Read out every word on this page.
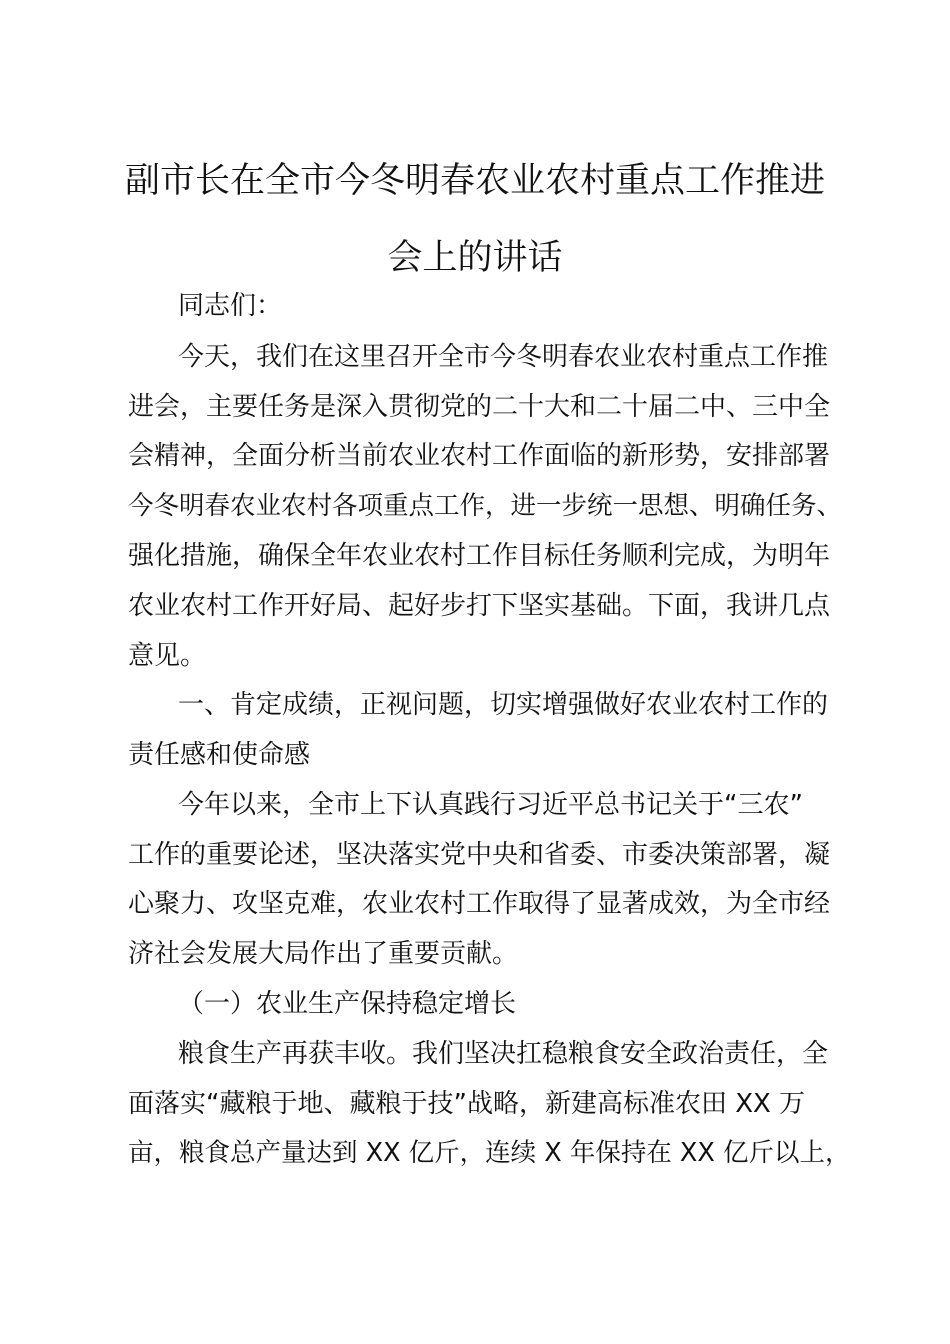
副市长在全市今冬明春农业农村重点工作推进
会上的讲话
同志们：
今天，我们在这里召开全市今冬明春农业农村重点工作推
进会，主要任务是深入贯彻党的二十大和二十届二中、三中全
会精神，全面分析当前农业农村工作面临的新形势，安排部署
今冬明春农业农村各项重点工作，进一步统一思想、明确任务、
强化措施，确保全年农业农村工作目标任务顺利完成，为明年
农业农村工作开好局、起好步打下坚实基础。下面，我讲几点
意见。
一、肯定成绩，正视问题，切实增强做好农业农村工作的
责任感和使命感
今年以来，全市上下认真践行习近平总书记关于“三农”
工作的重要论述，坚决落实党中央和省委、市委决策部署，凝
心聚力、攻坚克难，农业农村工作取得了显著成效，为全市经
济社会发展大局作出了重要贡献。
（一）农业生产保持稳定增长
粮食生产再获丰收。我们坚决扛稳粮食安全政治责任，全
面落实“藏粮于地、藏粮于技”战略，新建高标准农田 XX 万
亩，粮食总产量达到 XX 亿斤，连续 X 年保持在 XX 亿斤以上，
